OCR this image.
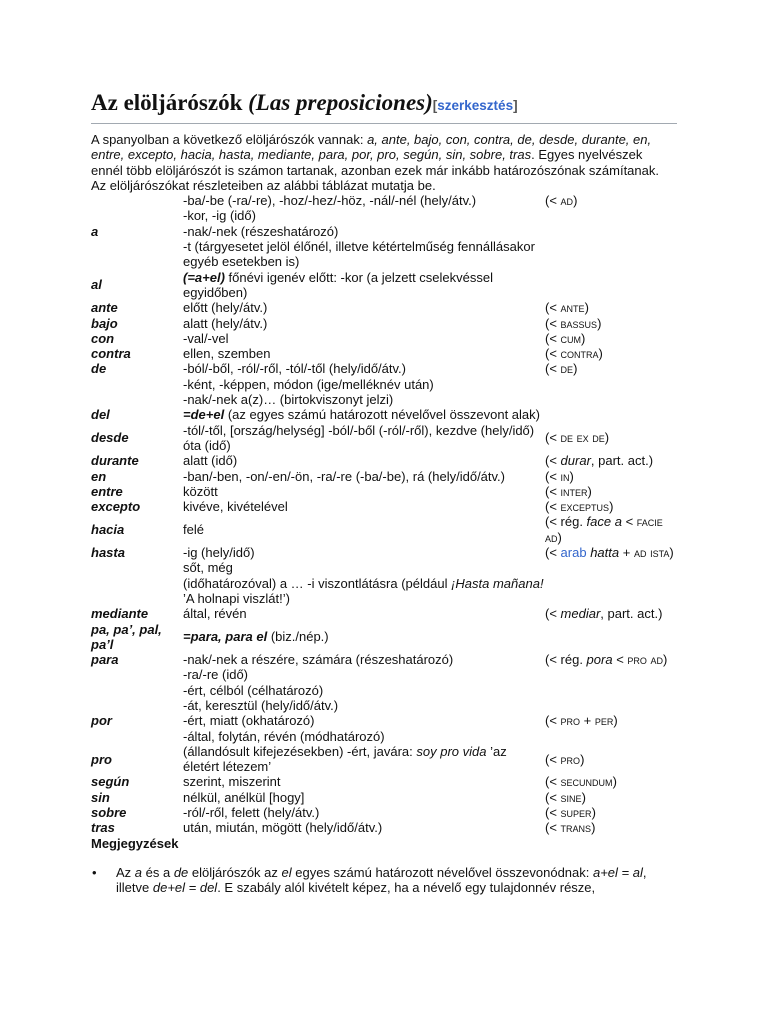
Az elöljárószók (Las preposiciones)[szerkesztés]

A spanyolban a következő elöljárószók vannak: a, ante, bajo, con, contra, de, desde, durante, en, entre, excepto, hacia, hasta, mediante, para, por, pro, según, sin, sobre, tras. Egyes nyelvészek ennél több elöljárószót is számon tartanak, azonban ezek már inkább határozószónak számítanak. Az elöljárószókat részleteiben az alábbi táblázat mutatja be.

a	-ba/-be (-ra/-re), -hoz/-hez/-höz, -nál/-nél (hely/átv.)
-kor, -ig (idő)
-nak/-nek (részeshatározó)
-t (tárgyesetet jelöl élőnél, illetve kétértelműség fennállásakor egyéb esetekben is)	(< ad)
al	(=a+el) főnévi igenév előtt: -kor (a jelzett cselekvéssel egyidőben)	
ante	előtt (hely/átv.)	(< ante)
bajo	alatt (hely/átv.)	(< bassus)
con	-val/-vel	(< cum)
contra	ellen, szemben	(< contra)
de	-ból/-ből, -ról/-ről, -tól/-től (hely/idő/átv.)
-ként, -képpen, módon (ige/melléknév után)
-nak/-nek a(z)… (birtokviszonyt jelzi)	(< de)
del	=de+el (az egyes számú határozott névelővel összevont alak)	
desde	-tól/-től, [ország/helység] -ból/-ből (-ról/-ről), kezdve (hely/idő)
óta (idő)	(< de ex de)
durante	alatt (idő)	(< durar, part. act.)
en	-ban/-ben, -on/-en/-ön, -ra/-re (-ba/-be), rá (hely/idő/átv.)	(< in)
entre	között	(< inter)
excepto	kivéve, kivételével	(< exceptus)
hacia	felé	(< rég. face a < facie ad)
hasta	-ig (hely/idő)
sőt, még
(időhatározóval) a … -i viszontlátásra (például ¡Hasta mañana! ’A holnapi viszlát!’)	(< arab hatta + ad ista)
mediante	által, révén	(< mediar, part. act.)
pa, pa’, pal, pa’l	=para, para el (biz./nép.)	
para	-nak/-nek a részére, számára (részeshatározó)
-ra/-re (idő)
-ért, célból (célhatározó)	(< rég. pora < pro ad)
por	-át, keresztül (hely/idő/átv.)
-ért, miatt (okhatározó)
-által, folytán, révén (módhatározó)	(< pro + per)
pro	(állandósult kifejezésekben) -ért, javára: soy pro vida ’az életért létezem’	(< pro)
según	szerint, miszerint	(< secundum)
sin	nélkül, anélkül [hogy]	(< sine)
sobre	-ról/-ről, felett (hely/átv.)	(< super)
tras	után, miután, mögött (hely/idő/átv.)	(< trans)

Megjegyzések

• Az a és a de elöljárószók az el egyes számú határozott névelővel összevonódnak: a+el = al, illetve de+el = del. E szabály alól kivételt képez, ha a névelő egy tulajdonnév része,
